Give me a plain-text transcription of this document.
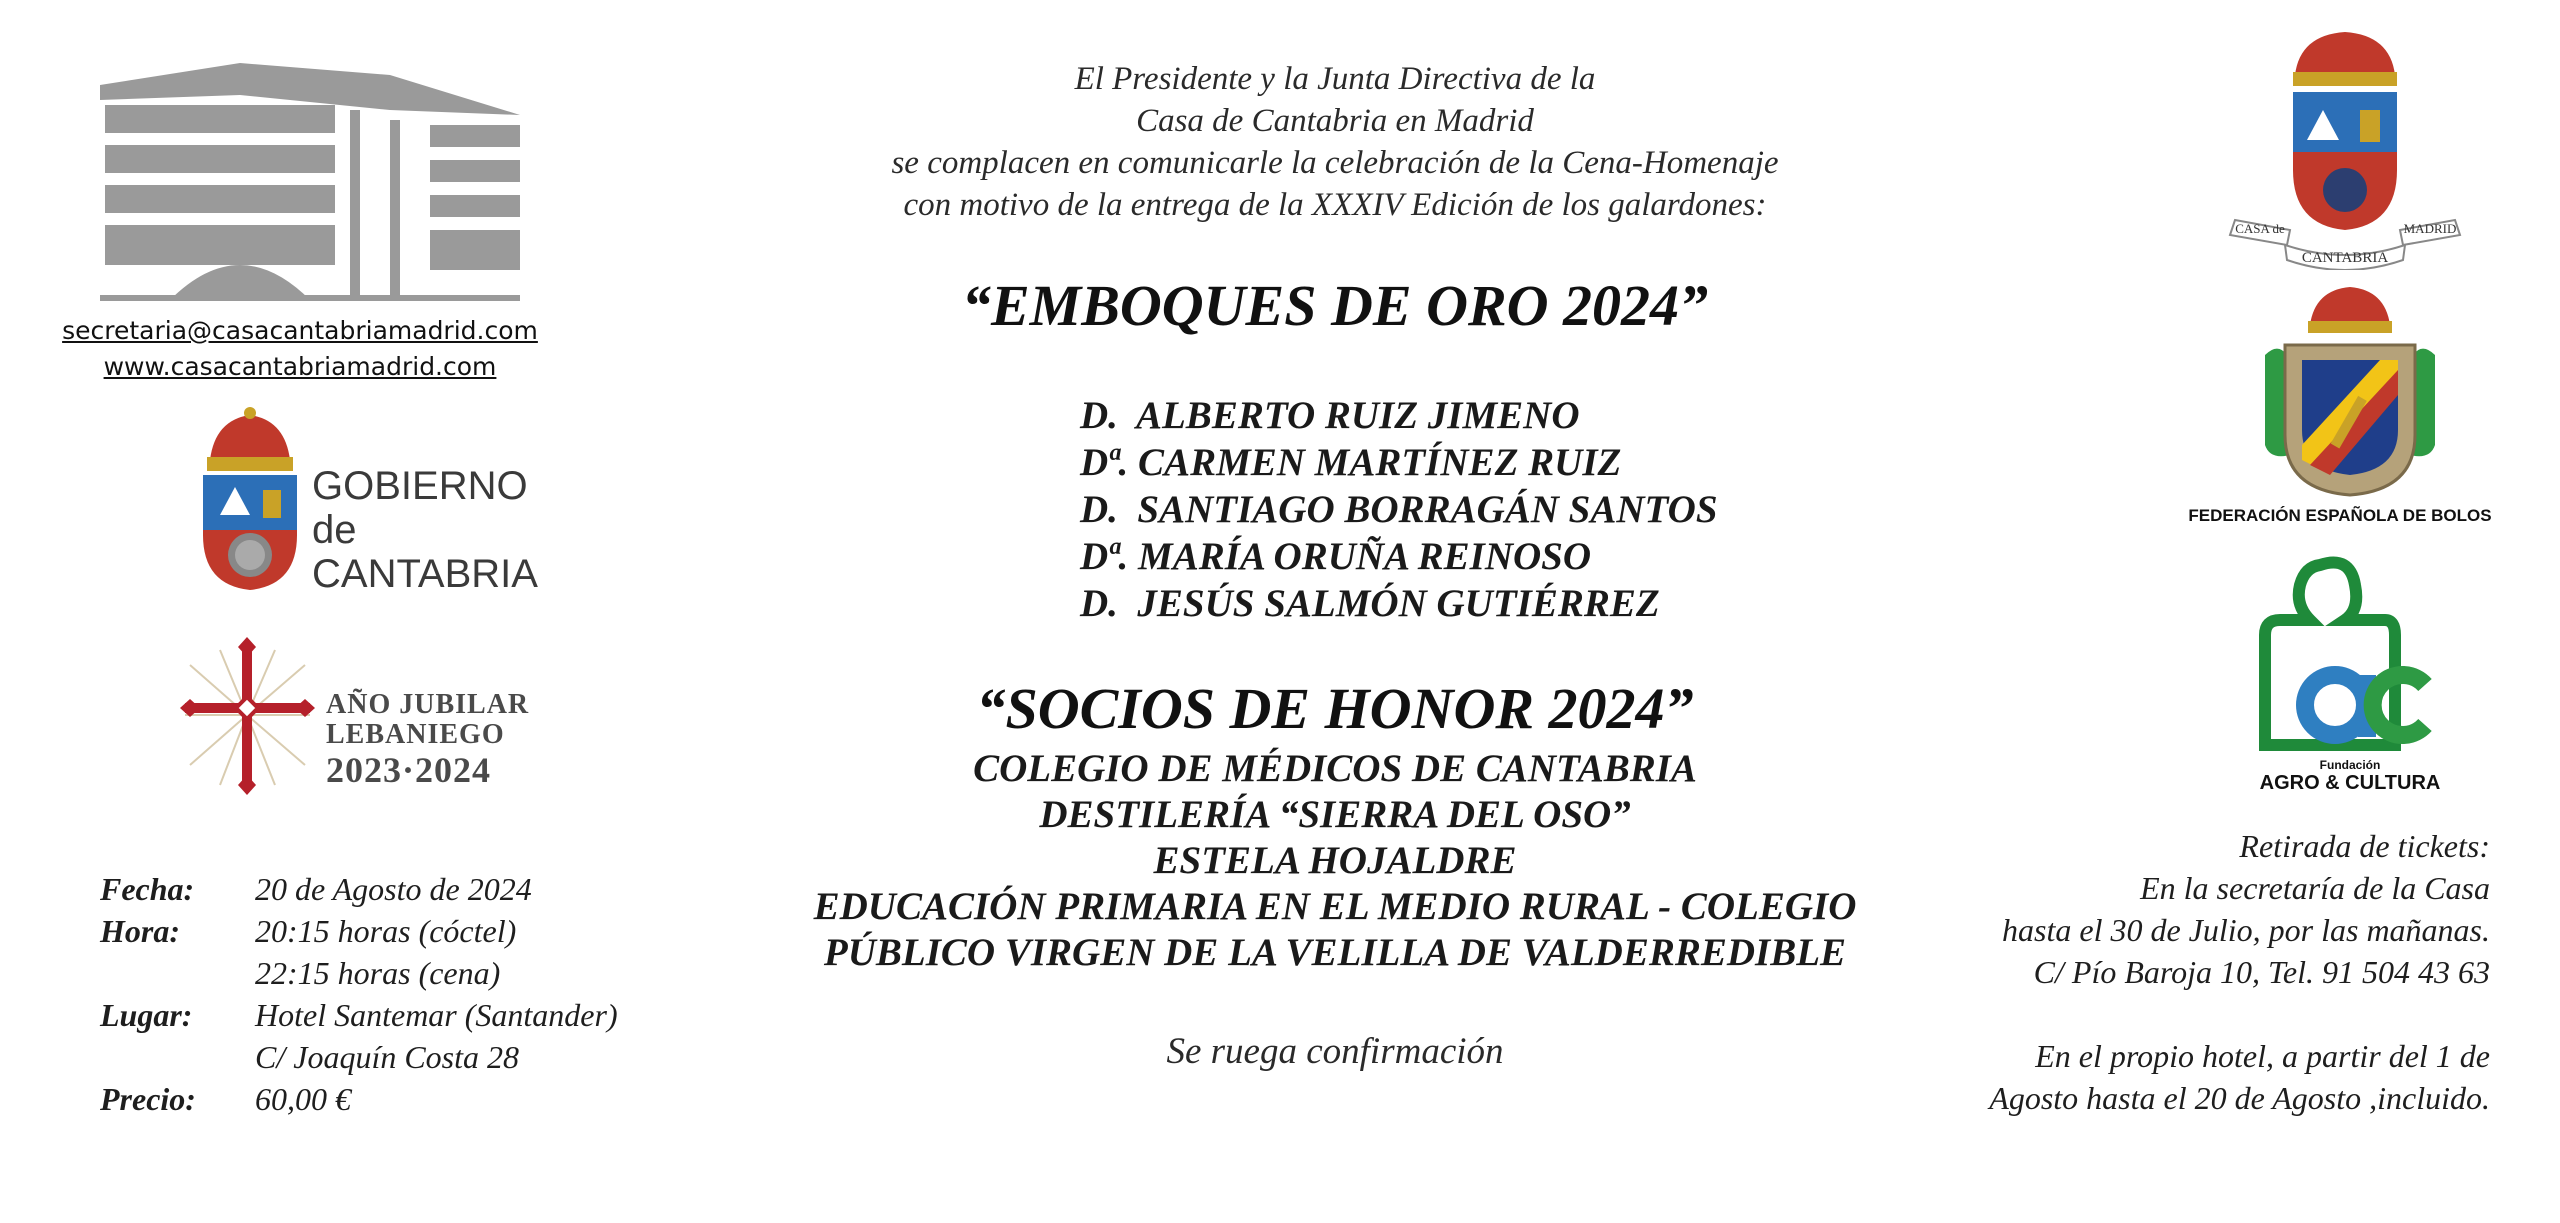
secretaria@casacantabriamadrid.com
www.casacantabriamadrid.com
GOBIERNO
de
CANTABRIA
AÑO JUBILAR
LEBANIEGO
2023·2024
El Presidente y la Junta Directiva de la
Casa de Cantabria en Madrid
se complacen en comunicarle la celebración de la Cena-Homenaje
con motivo de la entrega de la XXXIV Edición de los galardones:
“EMBOQUES DE ORO 2024”
D.  ALBERTO RUIZ JIMENO
Dª. CARMEN MARTÍNEZ RUIZ
D.  SANTIAGO BORRAGÁN SANTOS
Dª. MARÍA ORUÑA REINOSO
D.  JESÚS SALMÓN GUTIÉRREZ
“SOCIOS DE HONOR 2024”
COLEGIO DE MÉDICOS DE CANTABRIA
DESTILERÍA “SIERRA DEL OSO”
ESTELA HOJALDRE
EDUCACIÓN PRIMARIA EN EL MEDIO RURAL - COLEGIO
PÚBLICO VIRGEN DE LA VELILLA DE VALDERREDIBLE
Se ruega confirmación
Fecha:	20 de Agosto de 2024
Hora:	20:15 horas (cóctel)
22:15 horas (cena)
Lugar:	Hotel Santemar (Santander)
C/ Joaquín Costa 28
Precio:	60,00 €
CASA de	MADRID
CANTABRIA
FEDERACIÓN ESPAÑOLA DE BOLOS
Fundación
AGRO & CULTURA
Retirada de tickets:
En la secretaría de la Casa
hasta el 30 de Julio, por las mañanas.
C/ Pío Baroja 10, Tel. 91 504 43 63
En el propio hotel, a partir del 1 de
Agosto hasta el 20 de Agosto ,incluido.
